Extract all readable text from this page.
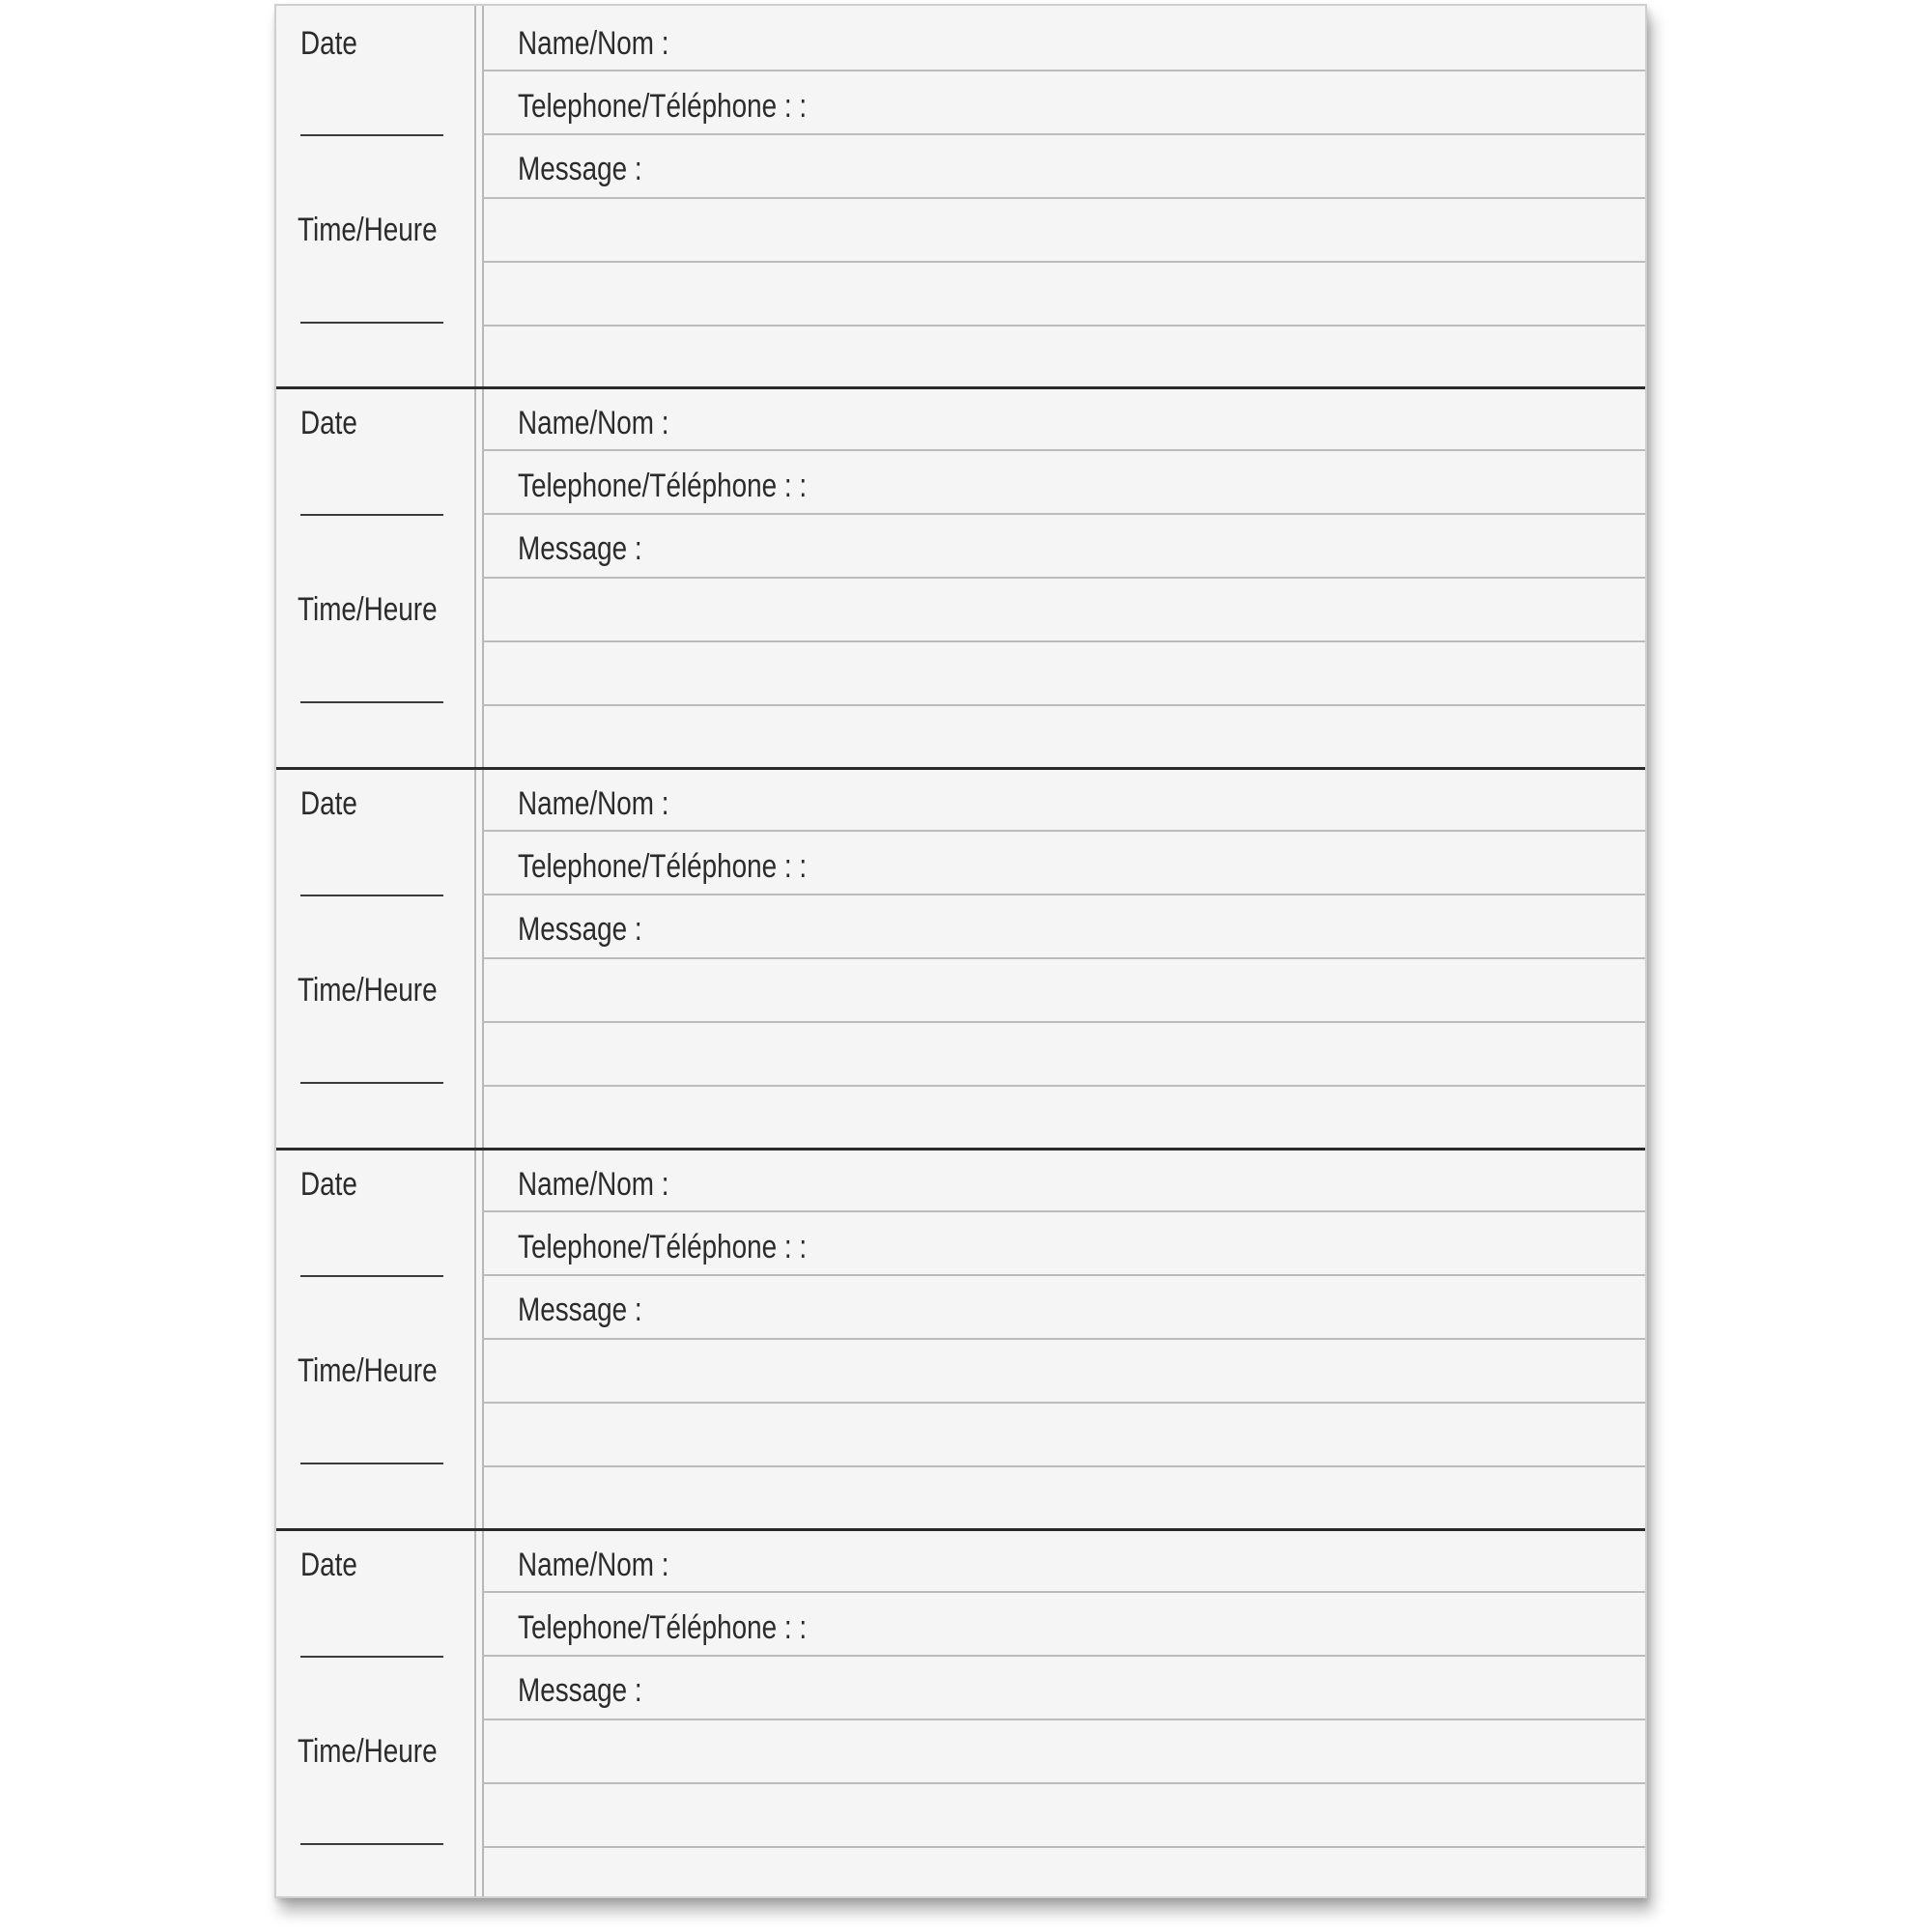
Date
Time/Heure
Name/Nom :
Telephone/Téléphone : :
Message :
Date
Time/Heure
Name/Nom :
Telephone/Téléphone : :
Message :
Date
Time/Heure
Name/Nom :
Telephone/Téléphone : :
Message :
Date
Time/Heure
Name/Nom :
Telephone/Téléphone : :
Message :
Date
Time/Heure
Name/Nom :
Telephone/Téléphone : :
Message :
